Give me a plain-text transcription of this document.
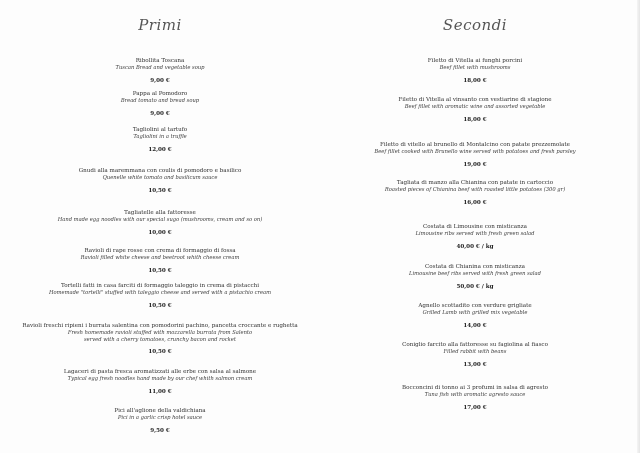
Primi
Ribollita Toscana
Tuscan Bread and vegetable soup
9,00 €
Pappa al Pomodoro
Bread tomato and bread soup
9,00 €
Tagliolini al tartufo
Tagliolini in a truffle
12,00 €
Gnudi alla maremmana con coulis di pomodoro e basilico
Quenelle white tomato and basilicum sauce
10,50 €
Tagliatelle alla fattoresse
Hand made egg noodles with our special sugo (mushrooms, cream and so on)
10,00 €
Ravioli di rape rosse con crema di formaggio di fossa
Ravioli filled white cheese and beetroot whith cheese cream
10,50 €
Tortelli fatti in casa farciti di formaggio taleggio in crema di pistacchi
Homemade "tortelli" stuffed with taleggio cheese and served with a pistachio cream
10,50 €
Ravioli freschi ripieni i burrata salentina con pomodorini pachino, pancetta croccante e rughetta
Fresh homemade ravioli stuffed with mozzarella burrata from Salento
served with a cherry tomatoes, crunchy bacon and rocket
10,50 €
Lagaceri di pasta fresca aromatizzati alle erbe con salsa al salmone
Typical egg fresh noodles hand made by our chef whith salmon cream
11,00 €
Pici all'aglione della valdichiana
Pici in a garlic crisp hotel sauce
9,50 €
Secondi
Filetto di Vitella ai funghi porcini
Beef fillet with mushrooms
18,00 €
Filetto di Vitella al vinsanto con vestiarine di stagione
Beef fillet with aromatic wine and assorted vegetable
18,00 €
Filetto di vitello al brunello di Montalcino con patate prezzemolate
Beef fillet cooked with Brunello wine served with potatoes and fresh parsley
19,00 €
Tagliata di manzo alla Chianina con patate in cartoccio
Roasted pieces of Chianina beef with roasted little potatoes (300 gr)
16,00 €
Costata di Limousine con misticanza
Limousine ribs served with fresh green salad
40,00 € / kg
Costata di Chianina con misticanza
Limousine beef ribs served with fresh green salad
50,00 € / kg
Agnello scottadito con verdure grigliate
Grilled Lamb with grilled mix vegetable
14,00 €
Coniglio farcito alla fattoresse su fagiolina al fiasco
Filled rabbit with beans
13,00 €
Bocconcini di tonno ai 3 profumi in salsa di agresto
Tuna fish with aromatic agresto sauce
17,00 €
